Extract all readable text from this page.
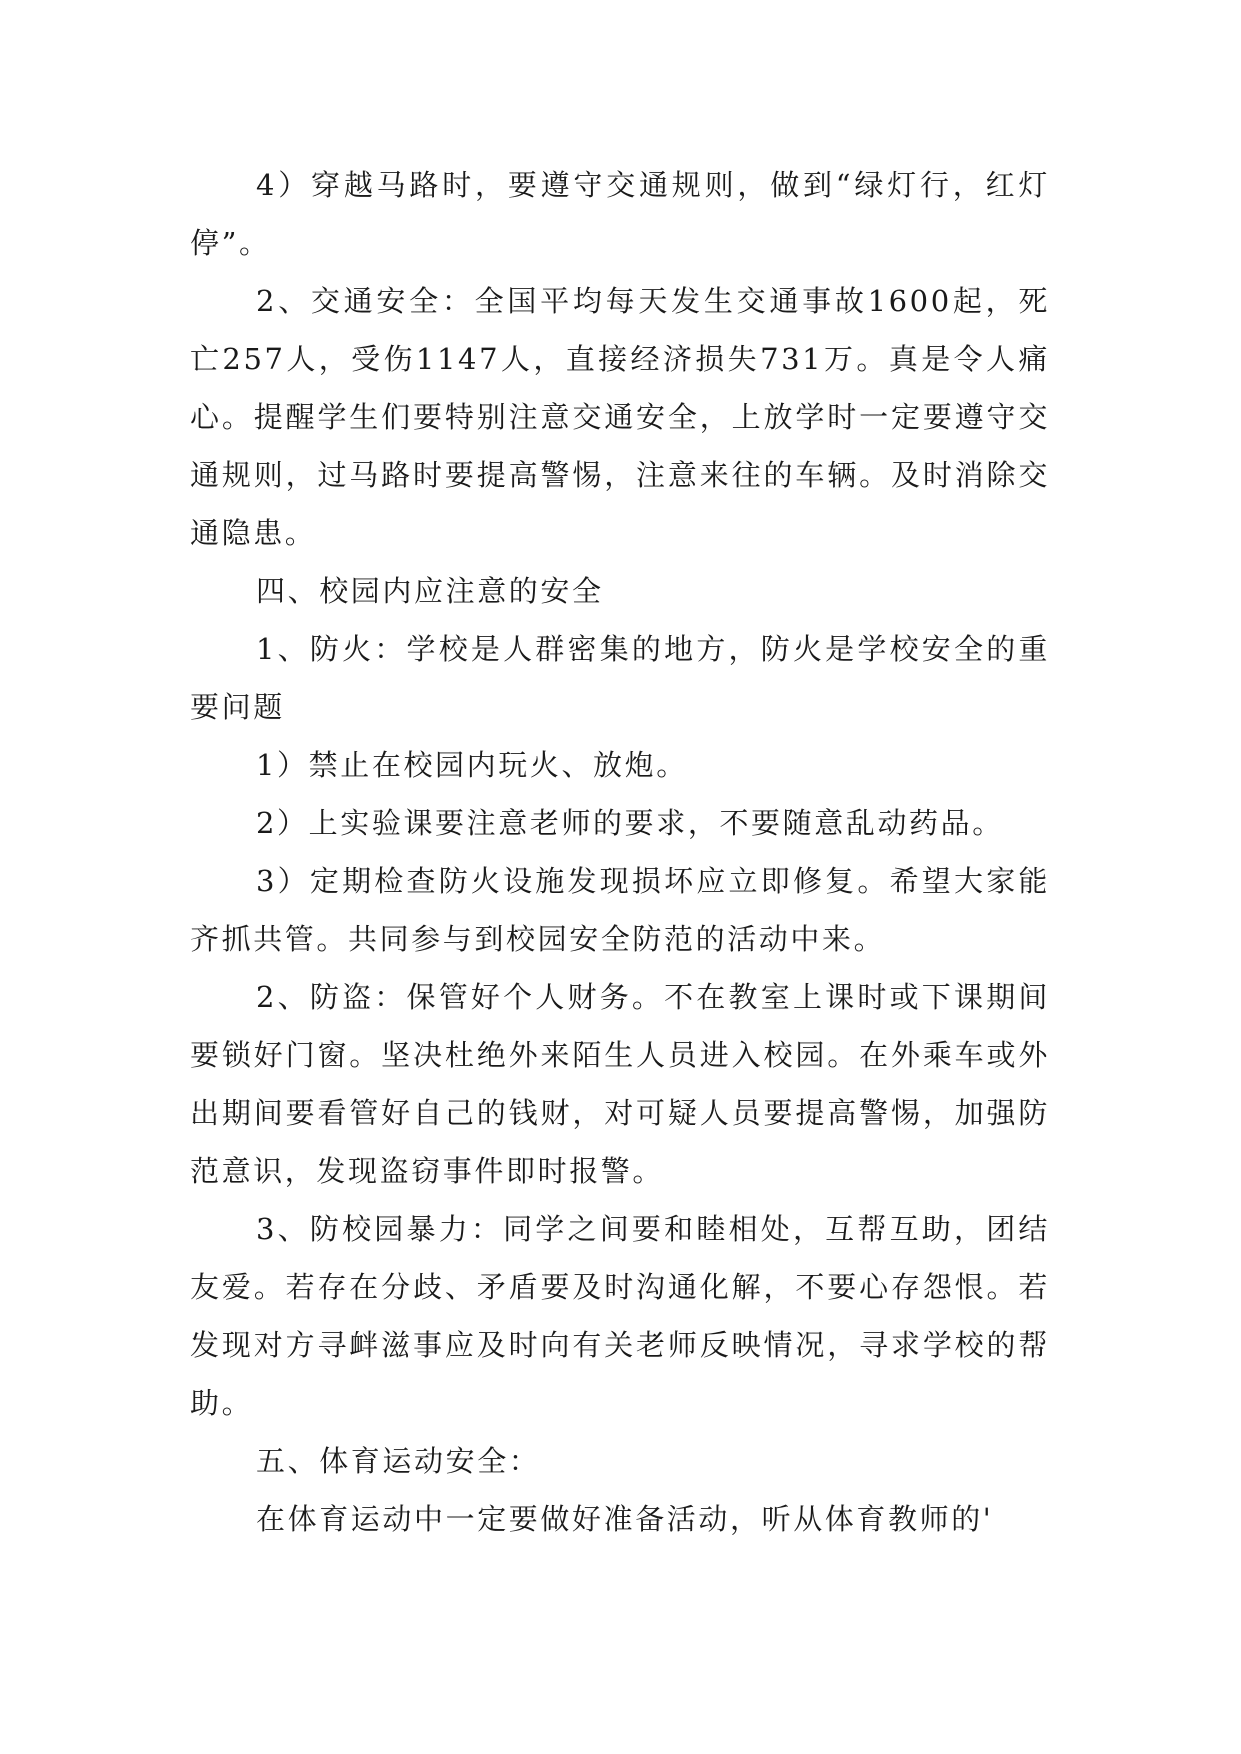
4）穿越马路时，要遵守交通规则，做到“绿灯行，红灯停”。

2、交通安全：全国平均每天发生交通事故1600起，死亡257人，受伤1147人，直接经济损失731万。真是令人痛心。提醒学生们要特别注意交通安全，上放学时一定要遵守交通规则，过马路时要提高警惕，注意来往的车辆。及时消除交通隐患。

四、校园内应注意的安全

1、防火：学校是人群密集的地方，防火是学校安全的重要问题

1）禁止在校园内玩火、放炮。

2）上实验课要注意老师的要求，不要随意乱动药品。

3）定期检查防火设施发现损坏应立即修复。希望大家能齐抓共管。共同参与到校园安全防范的活动中来。

2、防盗：保管好个人财务。不在教室上课时或下课期间要锁好门窗。坚决杜绝外来陌生人员进入校园。在外乘车或外出期间要看管好自己的钱财，对可疑人员要提高警惕，加强防范意识，发现盗窃事件即时报警。

3、防校园暴力：同学之间要和睦相处，互帮互助，团结友爱。若存在分歧、矛盾要及时沟通化解，不要心存怨恨。若发现对方寻衅滋事应及时向有关老师反映情况，寻求学校的帮助。

五、体育运动安全：

在体育运动中一定要做好准备活动，听从体育教师的'
